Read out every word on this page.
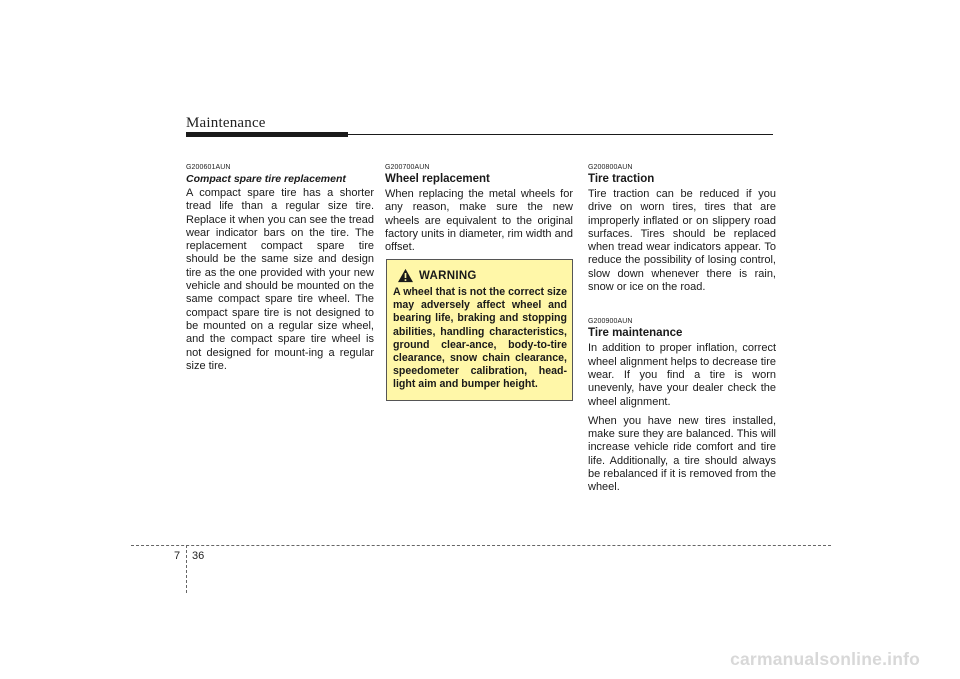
Maintenance

G200601AUN

Compact spare tire replacement

A compact spare tire has a shorter tread life than a regular size tire. Replace it when you can see the tread wear indicator bars on the tire. The replacement compact spare tire should be the same size and design tire as the one provided with your new vehicle and should be mounted on the same compact spare tire wheel. The compact spare tire is not designed to be mounted on a regular size wheel, and the compact spare tire wheel is not designed for mount-ing a regular size tire.

G200700AUN

Wheel replacement

When replacing the metal wheels for any reason, make sure the new wheels are equivalent to the original factory units in diameter, rim width and offset.

WARNING
A wheel that is not the correct size may adversely affect wheel and bearing life, braking and stopping abilities, handling characteristics, ground clear-ance, body-to-tire clearance, snow chain clearance, speedometer calibration, head-light aim and bumper height.

G200800AUN

Tire traction

Tire traction can be reduced if you drive on worn tires, tires that are improperly inflated or on slippery road surfaces. Tires should be replaced when tread wear indicators appear. To reduce the possibility of losing control, slow down whenever there is rain, snow or ice on the road.

G200900AUN

Tire maintenance

In addition to proper inflation, correct wheel alignment helps to decrease tire wear. If you find a tire is worn unevenly, have your dealer check the wheel alignment.

When you have new tires installed, make sure they are balanced. This will increase vehicle ride comfort and tire life. Additionally, a tire should always be rebalanced if it is removed from the wheel.

7 36
carmanualsonline.info
